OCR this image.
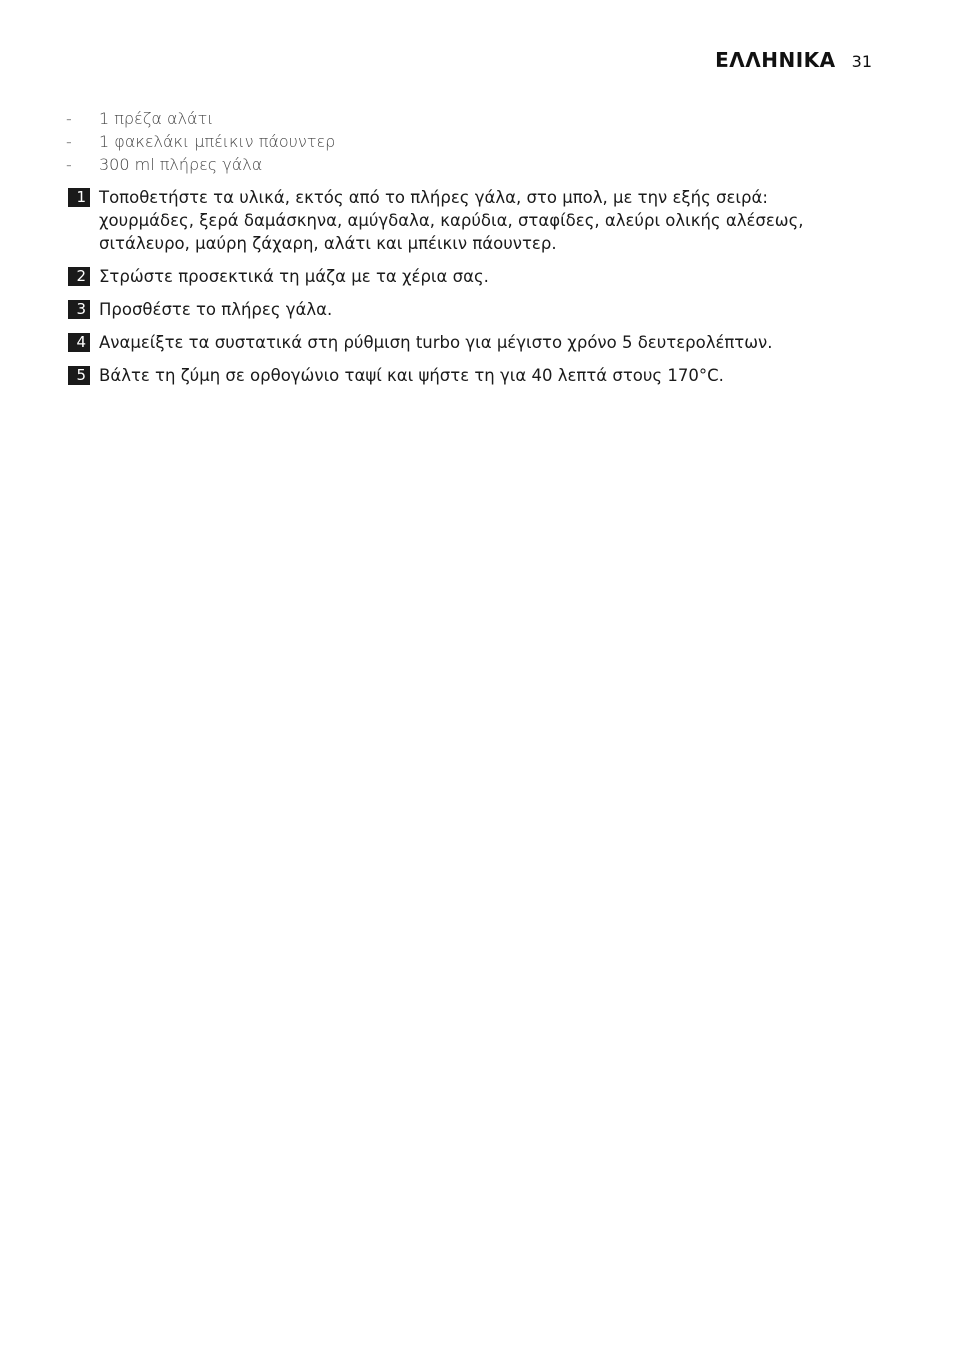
ΕΛΛΗΝΙΚΑ 31
-	1 πρέζα αλάτι
-	1 φακελάκι μπέικιν πάουντερ
-	300 ml πλήρες γάλα
1 Τοποθετήστε τα υλικά, εκτός από το πλήρες γάλα, στο μπολ, με την εξής σειρά:
χουρμάδες, ξερά δαμάσκηνα, αμύγδαλα, καρύδια, σταφίδες, αλεύρι ολικής αλέσεως,
σιτάλευρο, μαύρη ζάχαρη, αλάτι και μπέικιν πάουντερ.
2 Στρώστε προσεκτικά τη μάζα με τα χέρια σας.
3 Προσθέστε το πλήρες γάλα.
4 Αναμείξτε τα συστατικά στη ρύθμιση turbo για μέγιστο χρόνο 5 δευτερολέπτων.
5 Βάλτε τη ζύμη σε ορθογώνιο ταψί και ψήστε τη για 40 λεπτά στους 170°C.
